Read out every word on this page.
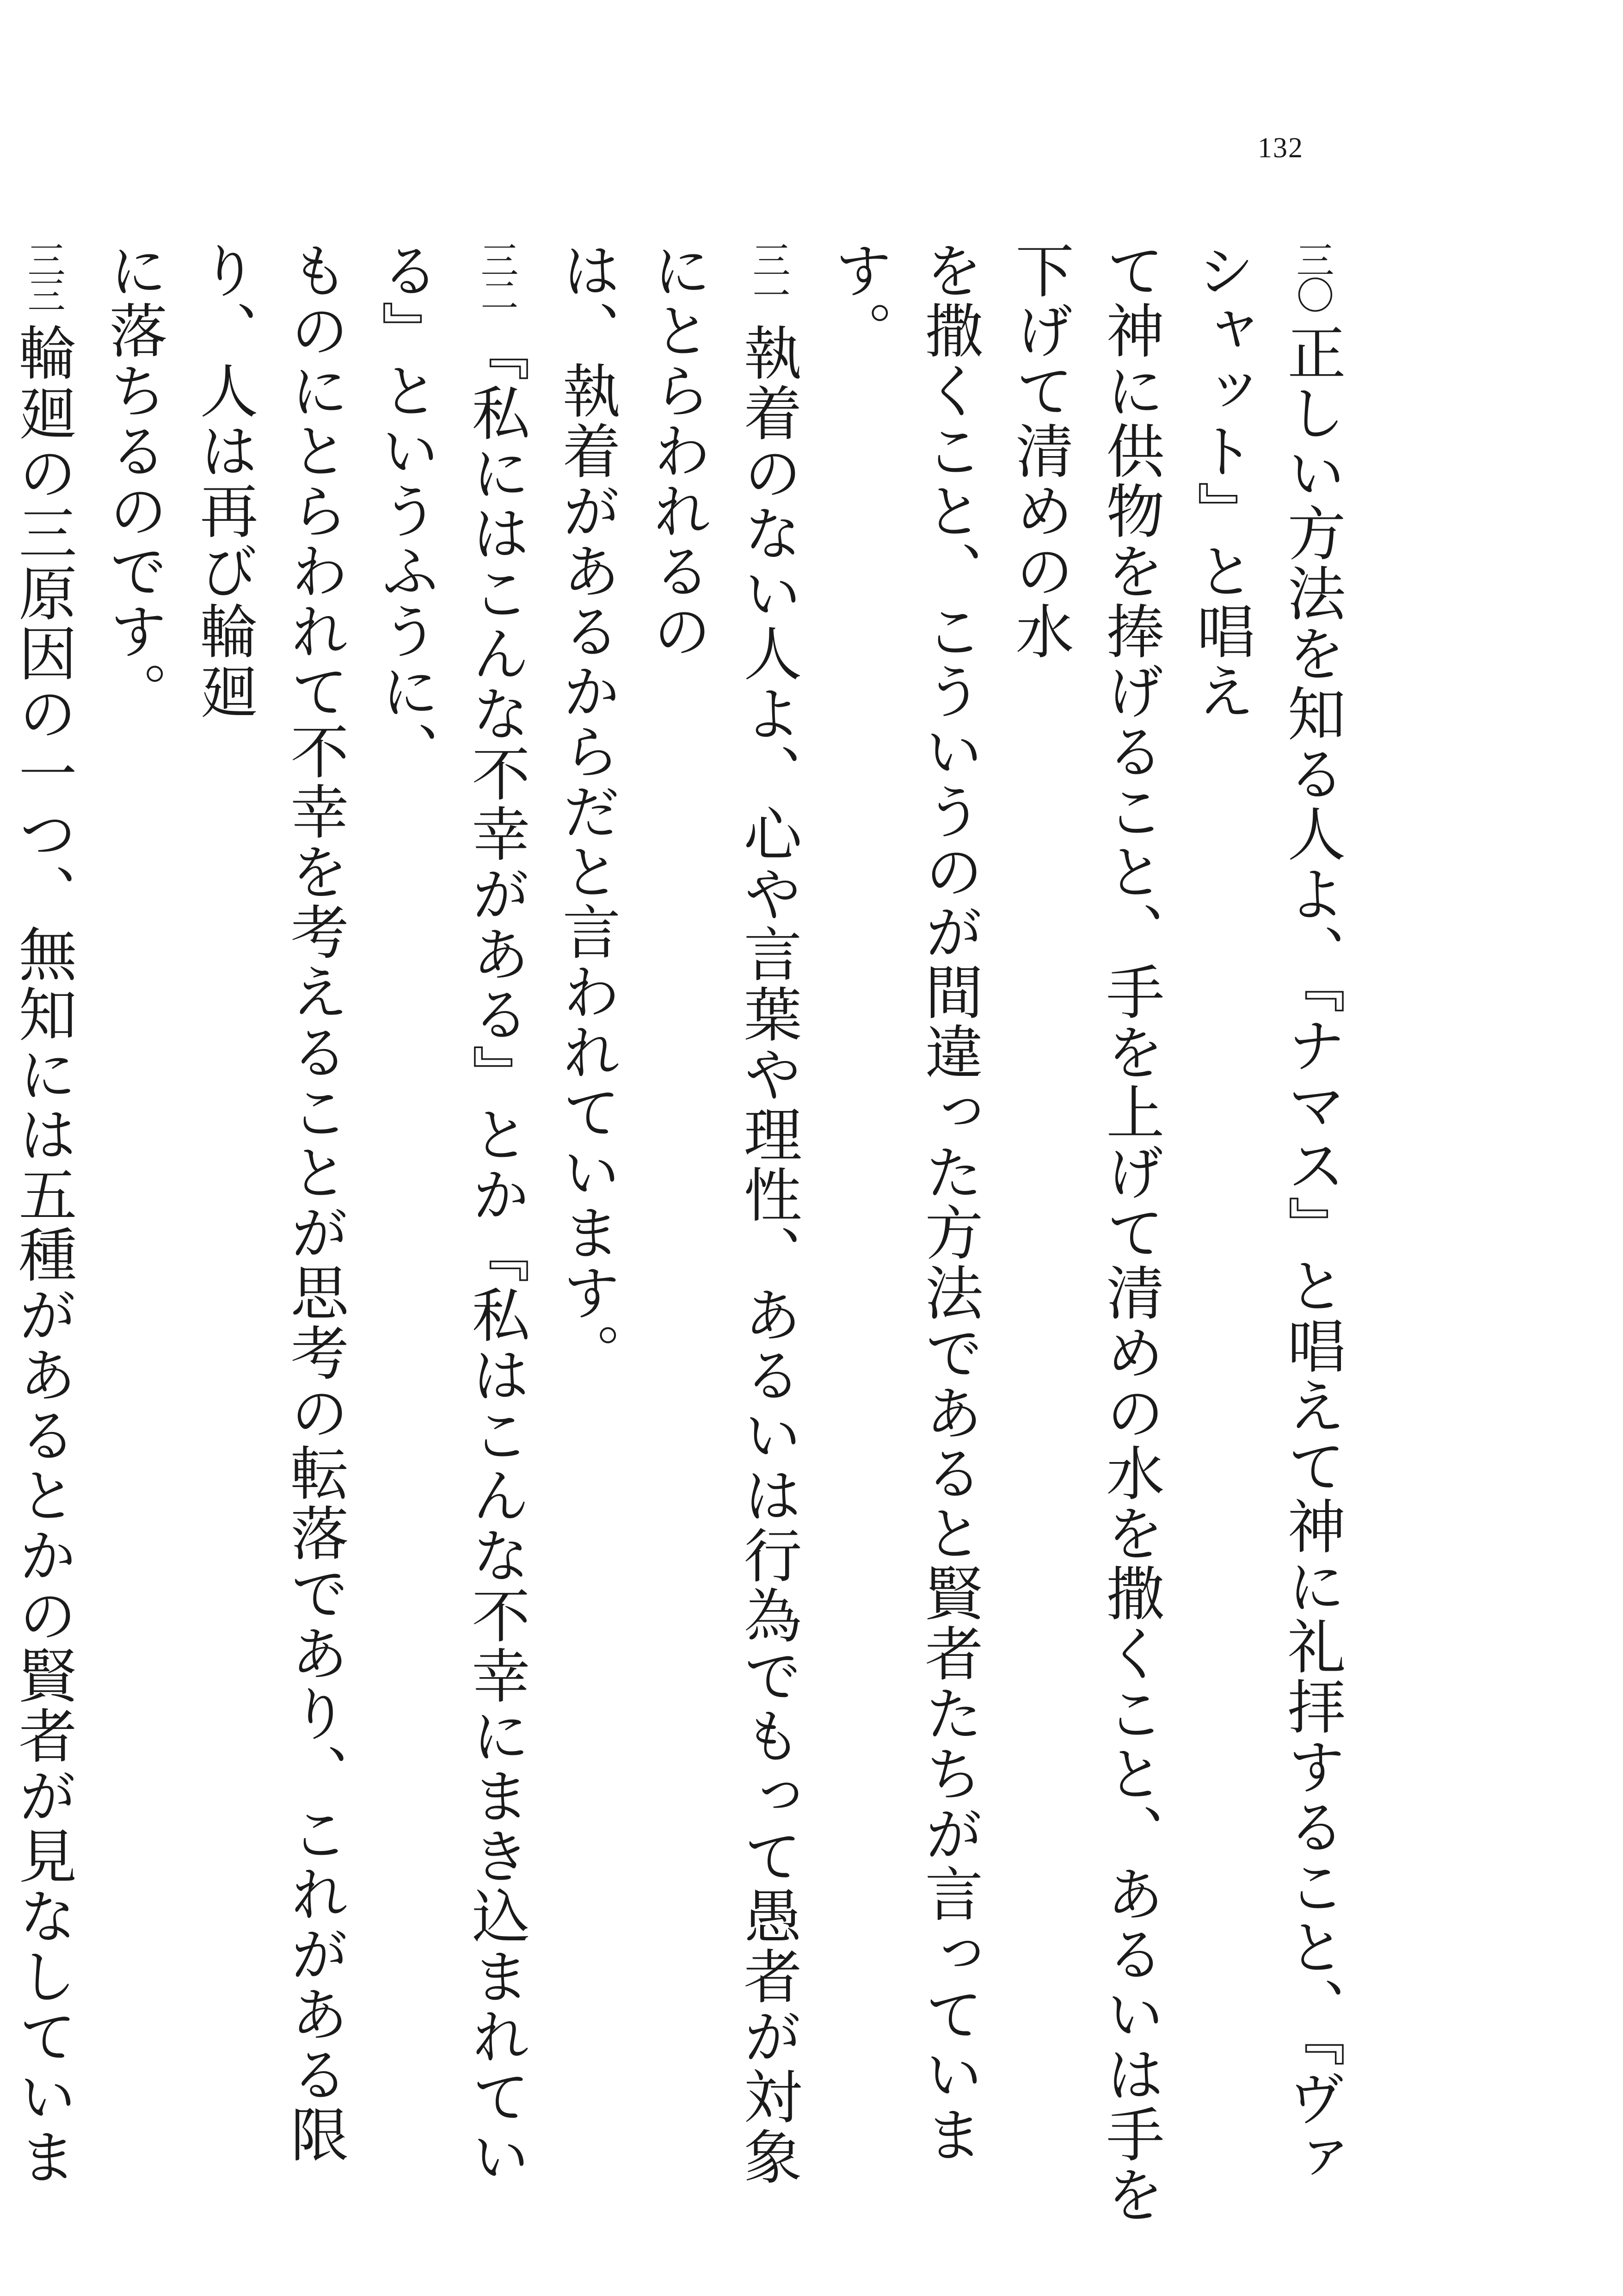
132
三〇正しい方法を知る人よ、『ナマス』と唱えて神に礼拝すること、『ヴァシャット』と唱え
て神に供物を捧げること、手を上げて清めの水を撒くこと、あるいは手を下げて清めの水
を撒くこと、こういうのが間違った方法であると賢者たちが言っています。
三一執着のない人よ、心や言葉や理性、あるいは行為でもって愚者が対象にとらわれるの
は、執着があるからだと言われています。
三二『私にはこんな不幸がある』とか『私はこんな不幸にまき込まれている』というふうに、
ものにとらわれて不幸を考えることが思考の転落であり、これがある限り、人は再び輪廻
に落ちるのです。
三三輪廻の三原因の一つ、無知には五種があるとかの賢者が見なしていま
